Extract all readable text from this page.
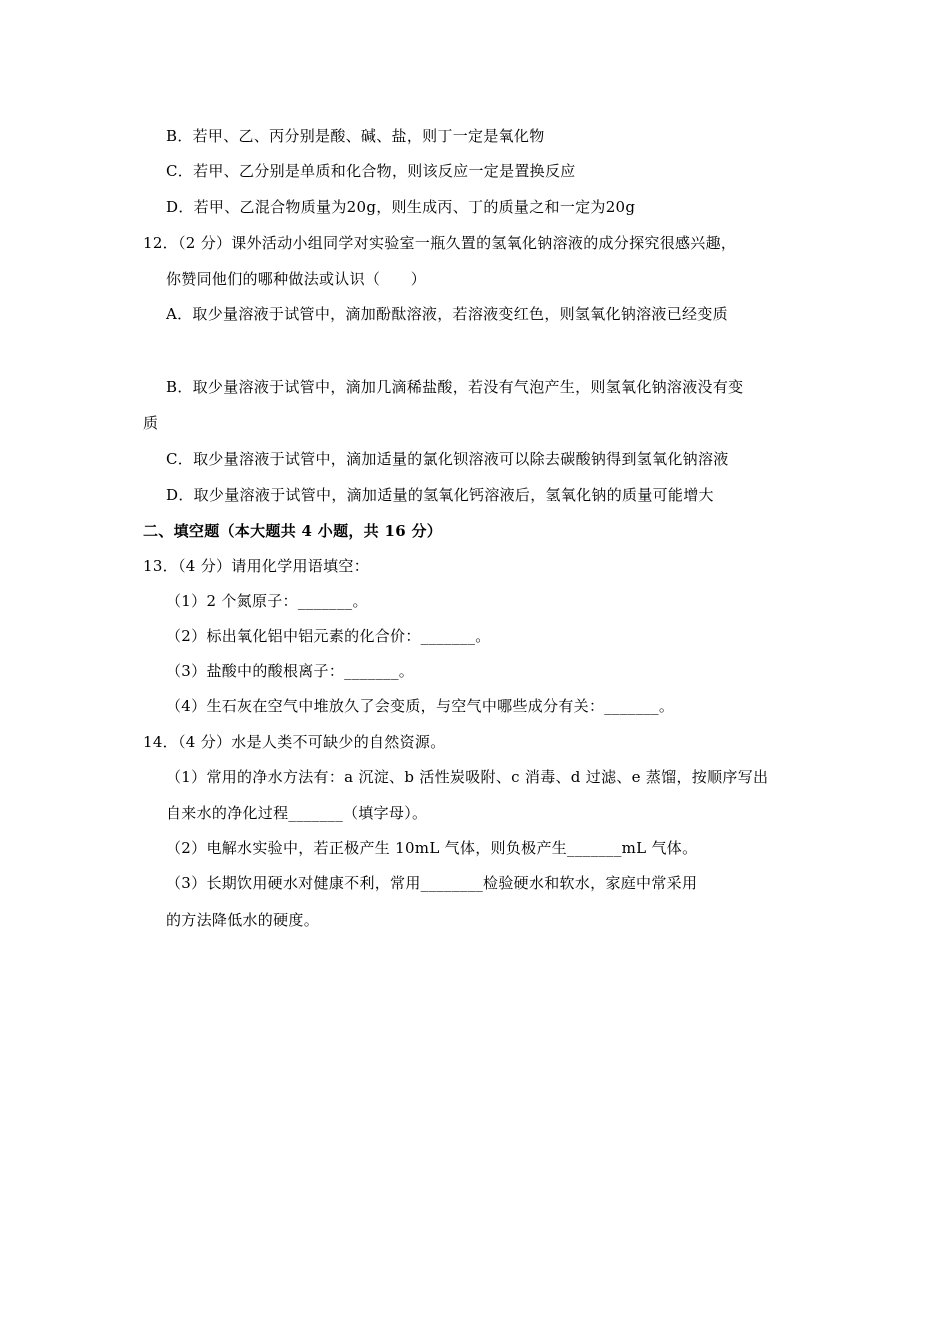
B．若甲、乙、丙分别是酸、碱、盐，则丁一定是氧化物
C．若甲、乙分别是单质和化合物，则该反应一定是置换反应
D．若甲、乙混合物质量为20g，则生成丙、丁的质量之和一定为20g
12．（2 分）课外活动小组同学对实验室一瓶久置的氢氧化钠溶液的成分探究很感兴趣，
你赞同他们的哪种做法或认识（　　）
A．取少量溶液于试管中，滴加酚酞溶液，若溶液变红色，则氢氧化钠溶液已经变质
B．取少量溶液于试管中，滴加几滴稀盐酸，若没有气泡产生，则氢氧化钠溶液没有变
质
C．取少量溶液于试管中，滴加适量的氯化钡溶液可以除去碳酸钠得到氢氧化钠溶液
D．取少量溶液于试管中，滴加适量的氢氧化钙溶液后，氢氧化钠的质量可能增大
二、填空题（本大题共 4 小题，共 16 分）
13．（4 分）请用化学用语填空：
（1）2 个氮原子：_______。
（2）标出氧化铝中铝元素的化合价：_______。
（3）盐酸中的酸根离子：_______。
（4）生石灰在空气中堆放久了会变质，与空气中哪些成分有关：_______。
14．（4 分）水是人类不可缺少的自然资源。
（1）常用的净水方法有：a 沉淀、b 活性炭吸附、c 消毒、d 过滤、e 蒸馏，按顺序写出
自来水的净化过程_______（填字母）。
（2）电解水实验中，若正极产生 10mL 气体，则负极产生_______mL 气体。
（3）长期饮用硬水对健康不利，常用________检验硬水和软水，家庭中常采用
的方法降低水的硬度。
